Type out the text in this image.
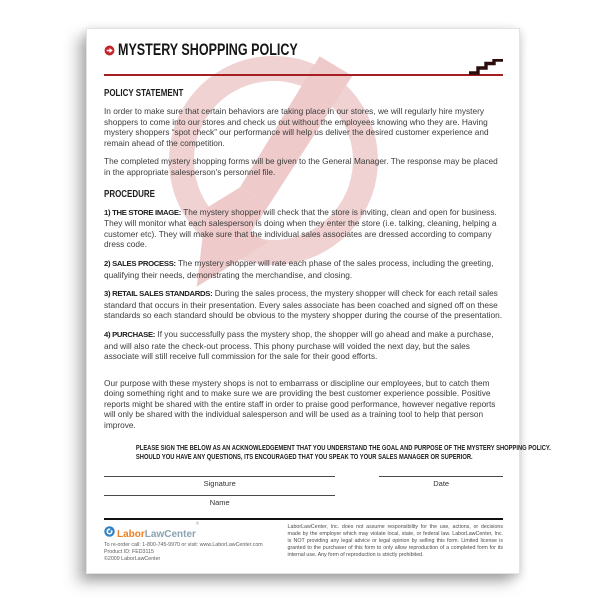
MYSTERY SHOPPING POLICY
POLICY STATEMENT

In order to make sure that certain behaviors are taking place in our stores, we will regularly hire mystery shoppers to come into our stores and check us out without the employees knowing who they are. Having mystery shoppers “spot check” our performance will help us deliver the desired customer experience and remain ahead of the competition.

The completed mystery shopping forms will be given to the General Manager. The response may be placed in the appropriate salesperson's personnel file.

PROCEDURE

1) THE STORE IMAGE: The mystery shopper will check that the store is inviting, clean and open for business. They will monitor what each salesperson is doing when they enter the store (i.e. talking, cleaning, helping a customer etc). They will make sure that the individual sales associates are dressed according to company dress code.

2) SALES PROCESS: The mystery shopper will rate each phase of the sales process, including the greeting, qualifying their needs, demonstrating the merchandise, and closing.

3) RETAIL SALES STANDARDS: During the sales process, the mystery shopper will check for each retail sales standard that occurs in their presentation. Every sales associate has been coached and signed off on these standards so each standard should be obvious to the mystery shopper during the course of the presentation.

4) PURCHASE: If you successfully pass the mystery shop, the shopper will go ahead and make a purchase, and will also rate the check-out process. This phony purchase will voided the next day, but the sales associate will still receive full commission for the sale for their good efforts.

Our purpose with these mystery shops is not to embarrass or discipline our employees, but to catch them doing something right and to make sure we are providing the best customer experience possible. Positive reports might be shared with the entire staff in order to praise good performance, however negative reports will only be shared with the individual salesperson and will be used as a training tool to help that person improve.

PLEASE SIGN THE BELOW AS AN ACKNOWLEDGEMENT THAT YOU UNDERSTAND THE GOAL AND PURPOSE OF THE MYSTERY SHOPPING POLICY.
SHOULD YOU HAVE ANY QUESTIONS, ITS ENCOURAGED THAT YOU SPEAK TO YOUR SALES MANAGER OR SUPERIOR.
Signature	Date
Name
LaborLawCenter®
To re-order call: 1-800-745-9970 or visit: www.LaborLawCenter.com
Product ID: FED3115
©2009 LaborLawCenter
LaborLawCenter, Inc. does not assume responsibility for the use, actions, or decisions made by the employer which may violate local, state, or federal law. LaborLawCenter, Inc. is NOT providing any legal advice or legal opinion by selling this form. Limited license is granted to the purchaser of this form to only allow reproduction of a completed form for its internal use. Any form of reproduction is strictly prohibited.
